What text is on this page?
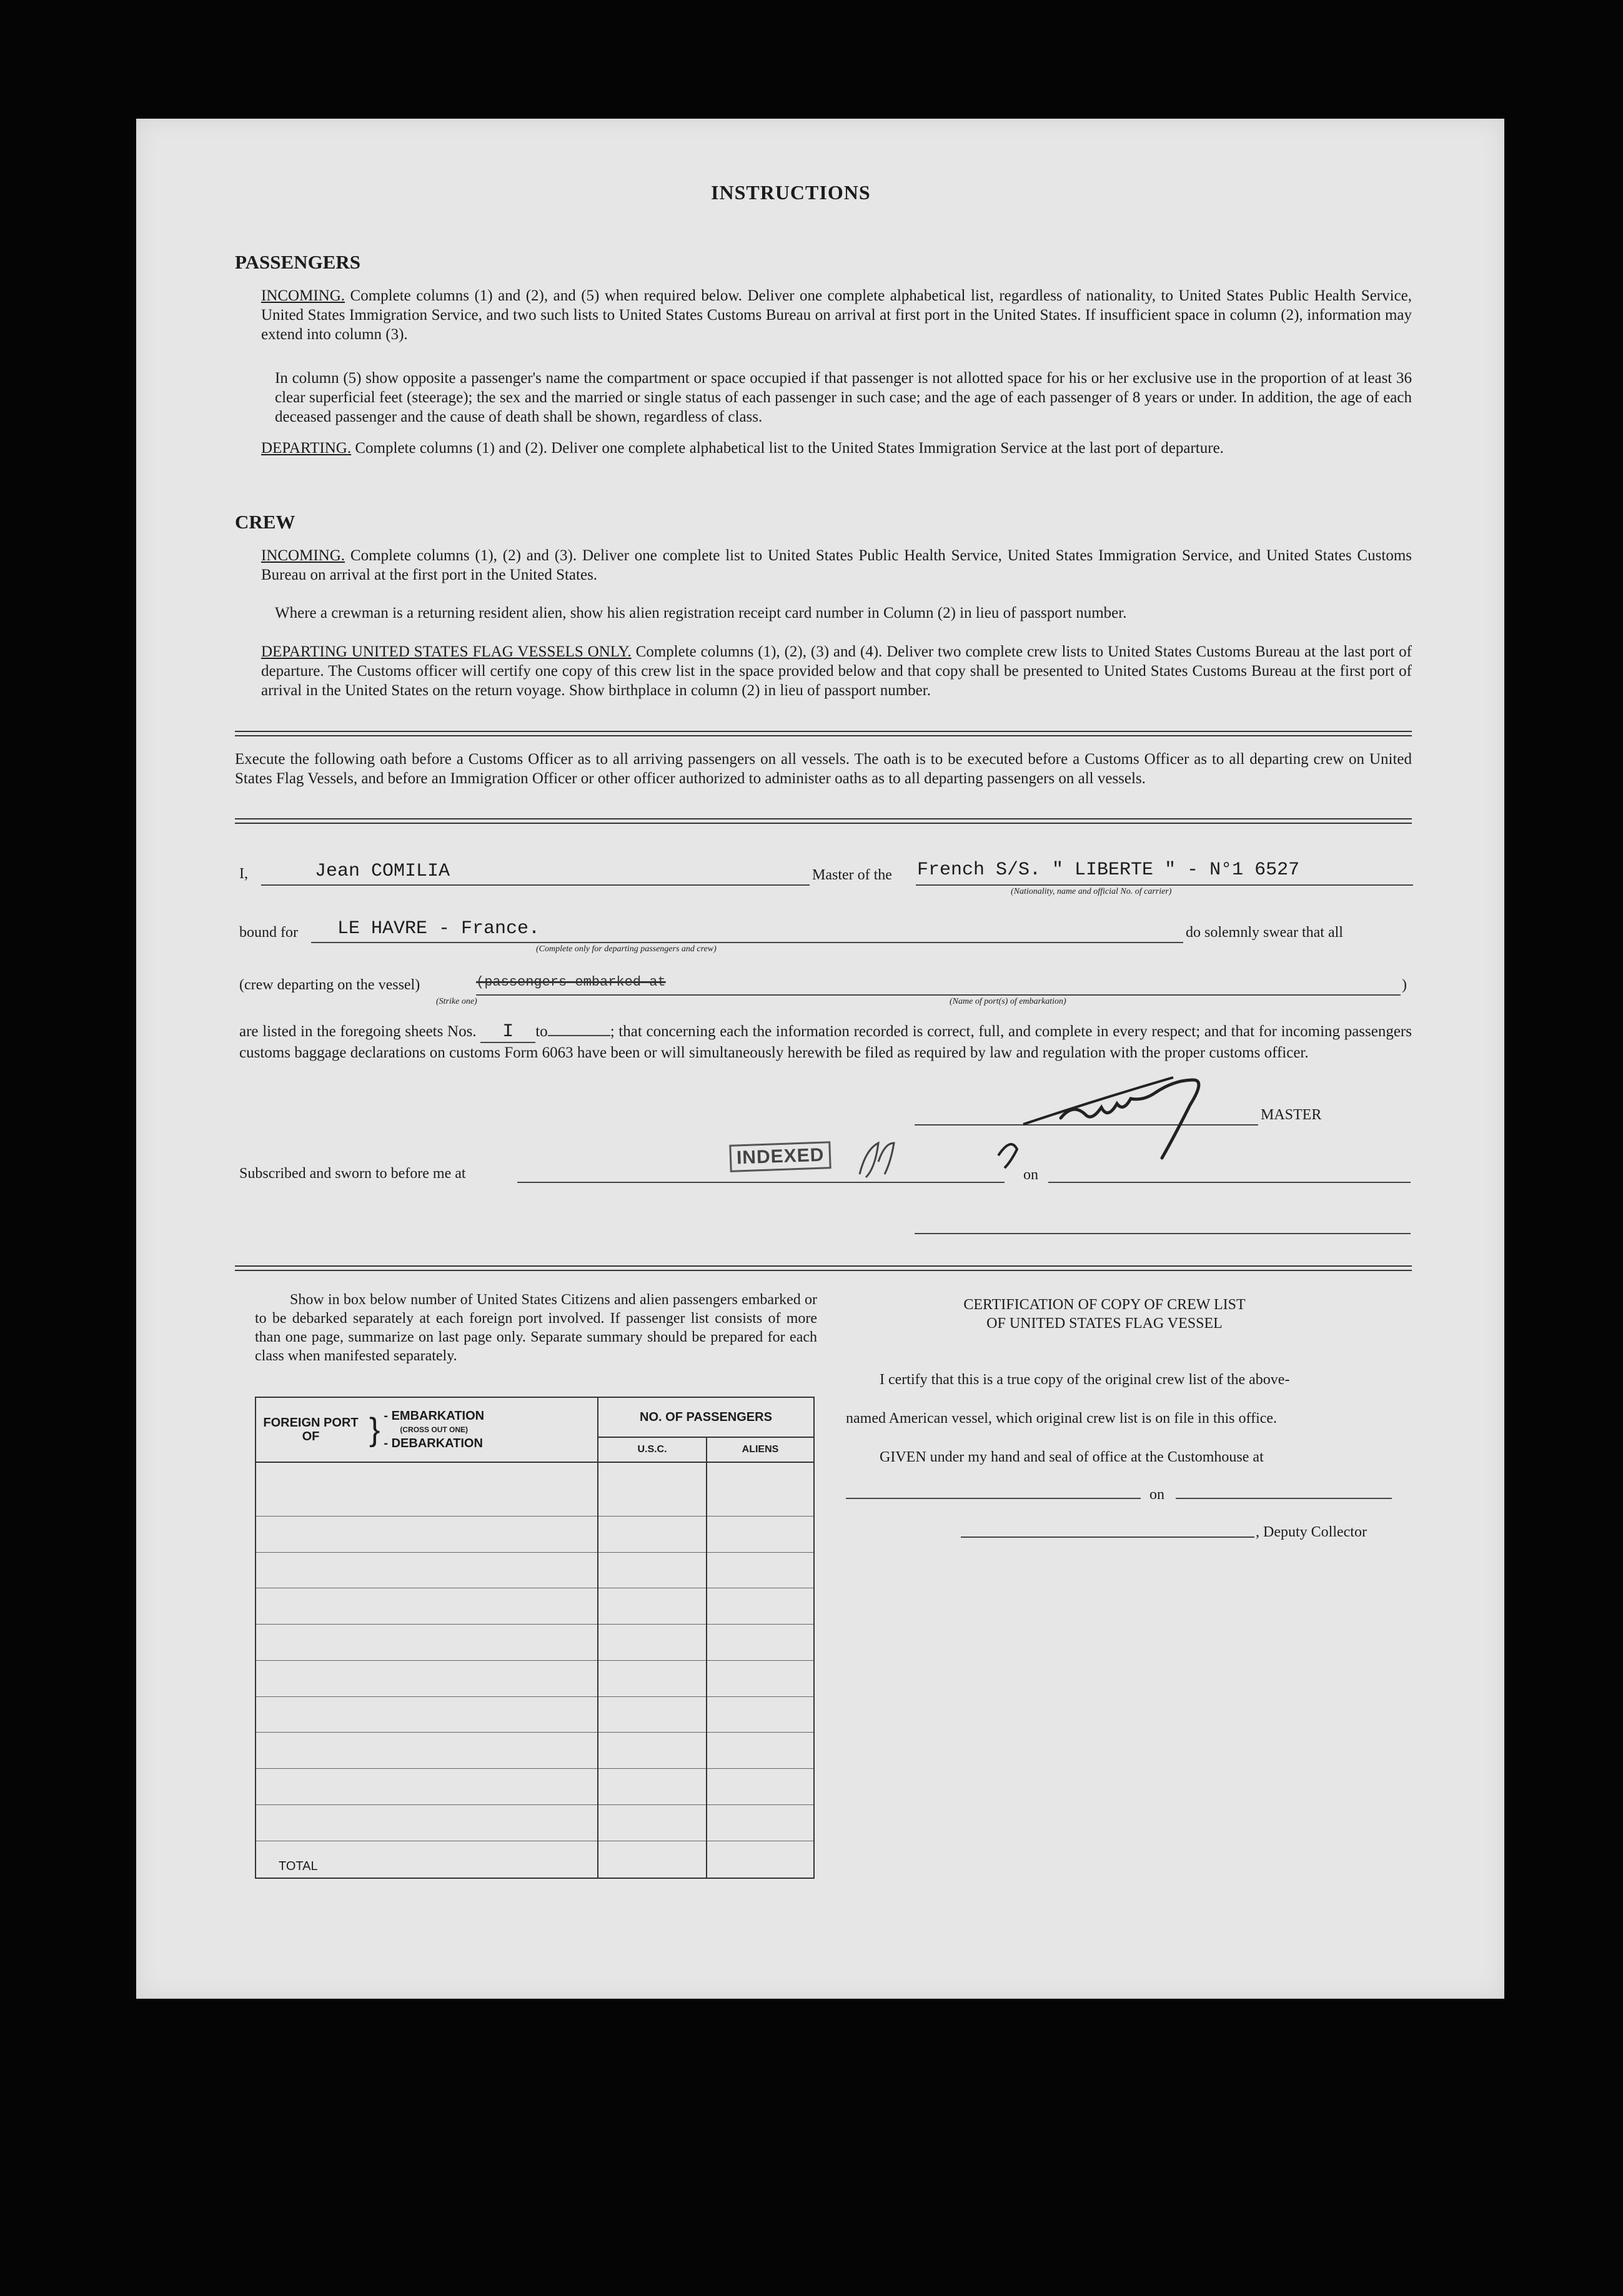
INSTRUCTIONS
PASSENGERS
INCOMING. Complete columns (1) and (2), and (5) when required below. Deliver one complete alphabetical list, regardless of nationality, to United States Public Health Service, United States Immigration Service, and two such lists to United States Customs Bureau on arrival at first port in the United States. If insufficient space in column (2), information may extend into column (3).
In column (5) show opposite a passenger's name the compartment or space occupied if that passenger is not allotted space for his or her exclusive use in the proportion of at least 36 clear superficial feet (steerage); the sex and the married or single status of each passenger in such case; and the age of each passenger of 8 years or under. In addition, the age of each deceased passenger and the cause of death shall be shown, regardless of class.
DEPARTING. Complete columns (1) and (2). Deliver one complete alphabetical list to the United States Immigration Service at the last port of departure.
CREW
INCOMING. Complete columns (1), (2) and (3). Deliver one complete list to United States Public Health Service, United States Immigration Service, and United States Customs Bureau on arrival at the first port in the United States.
Where a crewman is a returning resident alien, show his alien registration receipt card number in Column (2) in lieu of passport number.
DEPARTING UNITED STATES FLAG VESSELS ONLY. Complete columns (1), (2), (3) and (4). Deliver two complete crew lists to United States Customs Bureau at the last port of departure. The Customs officer will certify one copy of this crew list in the space provided below and that copy shall be presented to United States Customs Bureau at the first port of arrival in the United States on the return voyage. Show birthplace in column (2) in lieu of passport number.
Execute the following oath before a Customs Officer as to all arriving passengers on all vessels. The oath is to be executed before a Customs Officer as to all departing crew on United States Flag Vessels, and before an Immigration Officer or other officer authorized to administer oaths as to all departing passengers on all vessels.
I,	Jean COMILIA	Master of the French S/S. " LIBERTE " - N°1 6527
(Nationality, name and official No. of carrier)
bound for LE HAVRE - France.
(Complete only for departing passengers and crew)
do solemnly swear that all
(crew departing on the vessel)	(passengers embarked at	)
(Strike one)	(Name of port(s) of embarkation)
are listed in the foregoing sheets Nos. I to	; that concerning each the information recorded is correct, full, and complete in every respect; and that for incoming passengers customs baggage declarations on customs Form 6063 have been or will simultaneously herewith be filed as required by law and regulation with the proper customs officer.
MASTER
Subscribed and sworn to before me at
INDEXED
on
Show in box below number of United States Citizens and alien passengers embarked or to be debarked separately at each foreign port involved. If passenger list consists of more than one page, summarize on last page only. Separate summary should be prepared for each class when manifested separately.
FOREIGN PORT OF } - EMBARKATION
(CROSS OUT ONE)
- DEBARKATION	NO. OF PASSENGERS	
	U.S.C.	ALIENS

TOTAL		
CERTIFICATION OF COPY OF CREW LIST
OF UNITED STATES FLAG VESSEL
I certify that this is a true copy of the original crew list of the above-
named American vessel, which original crew list is on file in this office.
GIVEN under my hand and seal of office at the Customhouse at
on
, Deputy Collector
